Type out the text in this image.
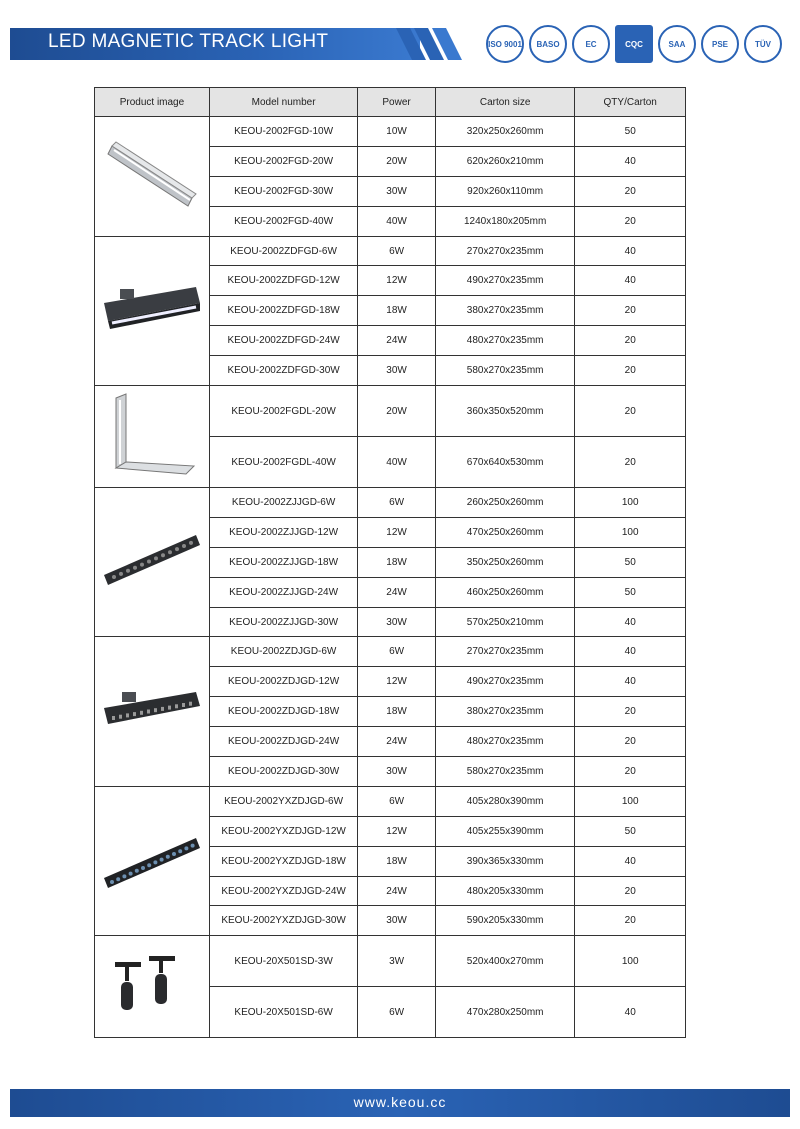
LED MAGNETIC TRACK LIGHT	ISO 9001	BASO	EC	CQC	SAA	PSE	TÜV
Product image	Model number	Power	Carton size	QTY/Carton

	KEOU-2002FGD-10W	10W	320x250x260mm	50
	KEOU-2002FGD-20W	20W	620x260x210mm	40
	KEOU-2002FGD-30W	30W	920x260x110mm	20
	KEOU-2002FGD-40W	40W	1240x180x205mm	20

	KEOU-2002ZDFGD-6W	6W	270x270x235mm	40
	KEOU-2002ZDFGD-12W	12W	490x270x235mm	40
	KEOU-2002ZDFGD-18W	18W	380x270x235mm	20
	KEOU-2002ZDFGD-24W	24W	480x270x235mm	20
	KEOU-2002ZDFGD-30W	30W	580x270x235mm	20

	KEOU-2002FGDL-20W	20W	360x350x520mm	20
	KEOU-2002FGDL-40W	40W	670x640x530mm	20

	KEOU-2002ZJJGD-6W	6W	260x250x260mm	100
	KEOU-2002ZJJGD-12W	12W	470x250x260mm	100
	KEOU-2002ZJJGD-18W	18W	350x250x260mm	50
	KEOU-2002ZJJGD-24W	24W	460x250x260mm	50
	KEOU-2002ZJJGD-30W	30W	570x250x210mm	40

	KEOU-2002ZDJGD-6W	6W	270x270x235mm	40
	KEOU-2002ZDJGD-12W	12W	490x270x235mm	40
	KEOU-2002ZDJGD-18W	18W	380x270x235mm	20
	KEOU-2002ZDJGD-24W	24W	480x270x235mm	20
	KEOU-2002ZDJGD-30W	30W	580x270x235mm	20

	KEOU-2002YXZDJGD-6W	6W	405x280x390mm	100
	KEOU-2002YXZDJGD-12W	12W	405x255x390mm	50
	KEOU-2002YXZDJGD-18W	18W	390x365x330mm	40
	KEOU-2002YXZDJGD-24W	24W	480x205x330mm	20
	KEOU-2002YXZDJGD-30W	30W	590x205x330mm	20

	KEOU-20X501SD-3W	3W	520x400x270mm	100
	KEOU-20X501SD-6W	6W	470x280x250mm	40
www.keou.cc
